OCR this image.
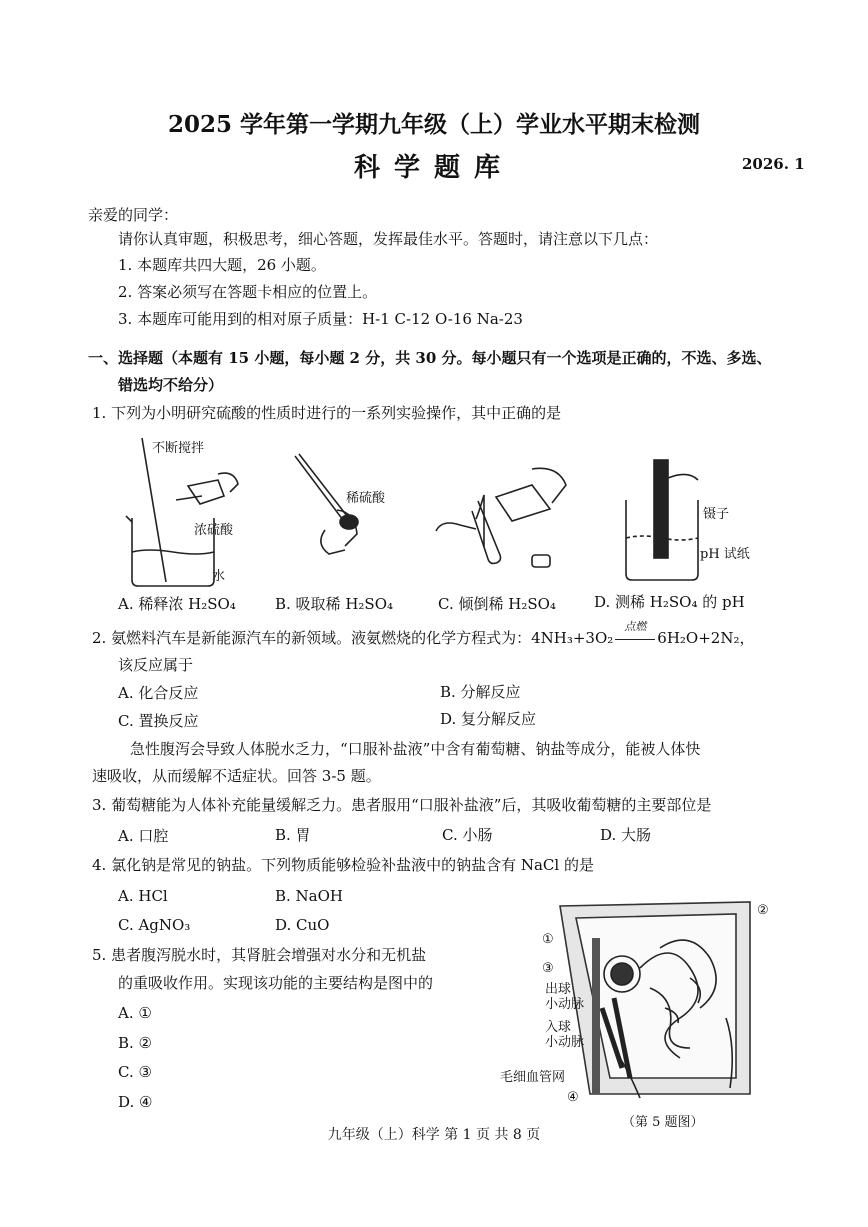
2025 学年第一学期九年级（上）学业水平期末检测
科学题库	2026. 1
亲爱的同学：
请你认真审题，积极思考，细心答题，发挥最佳水平。答题时，请注意以下几点：
1. 本题库共四大题，26 小题。
2. 答案必须写在答题卡相应的位置上。
3. 本题库可能用到的相对原子质量：H-1 C-12 O-16 Na-23
一、选择题（本题有 15 小题，每小题 2 分，共 30 分。每小题只有一个选项是正确的，不选、多选、
错选均不给分）
1. 下列为小明研究硫酸的性质时进行的一系列实验操作，其中正确的是
不断搅拌
浓硫酸
水
稀硫酸
镊子
pH 试纸
A. 稀释浓 H₂SO₄	B. 吸取稀 H₂SO₄	C. 倾倒稀 H₂SO₄	D. 测稀 H₂SO₄ 的 pH
2. 氨燃料汽车是新能源汽车的新领域。液氨燃烧的化学方程式为：4NH₃+3O₂
点燃
6H₂O+2N₂，
该反应属于
A. 化合反应	B. 分解反应
C. 置换反应	D. 复分解反应
急性腹泻会导致人体脱水乏力，“口服补盐液”中含有葡萄糖、钠盐等成分，能被人体快
速吸收，从而缓解不适症状。回答 3-5 题。
3. 葡萄糖能为人体补充能量缓解乏力。患者服用“口服补盐液”后，其吸收葡萄糖的主要部位是
A. 口腔	B. 胃	C. 小肠	D. 大肠
4. 氯化钠是常见的钠盐。下列物质能够检验补盐液中的钠盐含有 NaCl 的是
A. HCl	B. NaOH
C. AgNO₃	D. CuO
5. 患者腹泻脱水时，其肾脏会增强对水分和无机盐
的重吸收作用。实现该功能的主要结构是图中的
A. ①
B. ②
C. ③
D. ④
①
②
③
④
出球
小动脉
入球
小动脉
毛细血管网
（第 5 题图）
九年级（上）科学 第 1 页 共 8 页
